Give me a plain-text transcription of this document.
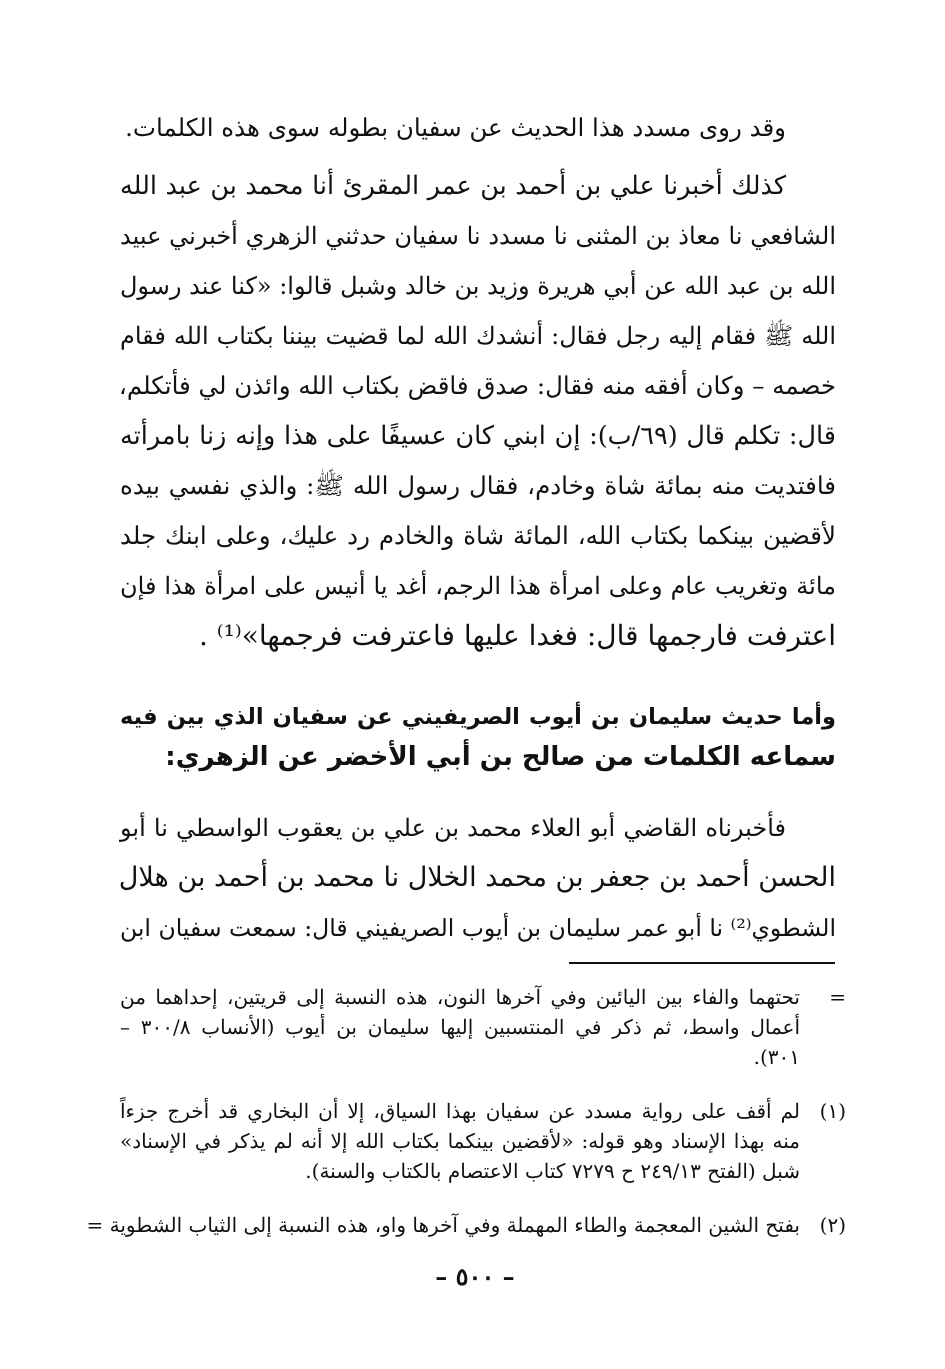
وقد روى مسدد هذا الحديث عن سفيان بطوله سوى هذه الكلمات.
كذلك أخبرنا علي بن أحمد بن عمر المقرئ أنا محمد بن عبد الله
الشافعي نا معاذ بن المثنى نا مسدد نا سفيان حدثني الزهري أخبرني عبيد
الله بن عبد الله عن أبي هريرة وزيد بن خالد وشبل قالوا: «كنا عند رسول
الله ﷺ فقام إليه رجل فقال: أنشدك الله لما قضيت بيننا بكتاب الله فقام
خصمه – وكان أفقه منه فقال: صدق فاقض بكتاب الله وائذن لي فأتكلم،
قال: تكلم قال (٦٩/ب): إن ابني كان عسيفًا على هذا وإنه زنا بامرأته
فافتديت منه بمائة شاة وخادم، فقال رسول الله ﷺ: والذي نفسي بيده
لأقضين بينكما بكتاب الله، المائة شاة والخادم رد عليك، وعلى ابنك جلد
مائة وتغريب عام وعلى امرأة هذا الرجم، أغد يا أنيس على امرأة هذا فإن
اعترفت فارجمها قال: فغدا عليها فاعترفت فرجمها»⁽¹⁾ .
وأما حديث سليمان بن أيوب الصريفيني عن سفيان الذي بين فيه
سماعه الكلمات من صالح بن أبي الأخضر عن الزهري:
فأخبرناه القاضي أبو العلاء محمد بن علي بن يعقوب الواسطي نا أبو
الحسن أحمد بن جعفر بن محمد الخلال نا محمد بن أحمد بن هلال
الشطوي⁽²⁾ نا أبو عمر سليمان بن أيوب الصريفيني قال: سمعت سفيان ابن
=
تحتهما والفاء بين اليائين وفي آخرها النون، هذه النسبة إلى قريتين، إحداهما من
أعمال واسط، ثم ذكر في المنتسبين إليها سليمان بن أيوب (الأنساب ٣٠٠/٨ –
٣٠١).
(١)
لم أقف على رواية مسدد عن سفيان بهذا السياق، إلا أن البخاري قد أخرج جزءاً
منه بهذا الإسناد وهو قوله: «لأقضين بينكما بكتاب الله إلا أنه لم يذكر في الإسناد»
شبل (الفتح ٢٤٩/١٣ ح ٧٢٧٩ كتاب الاعتصام بالكتاب والسنة).
(٢)
بفتح الشين المعجمة والطاء المهملة وفي آخرها واو، هذه النسبة إلى الثياب الشطوية =
– ٥٠٠ –
